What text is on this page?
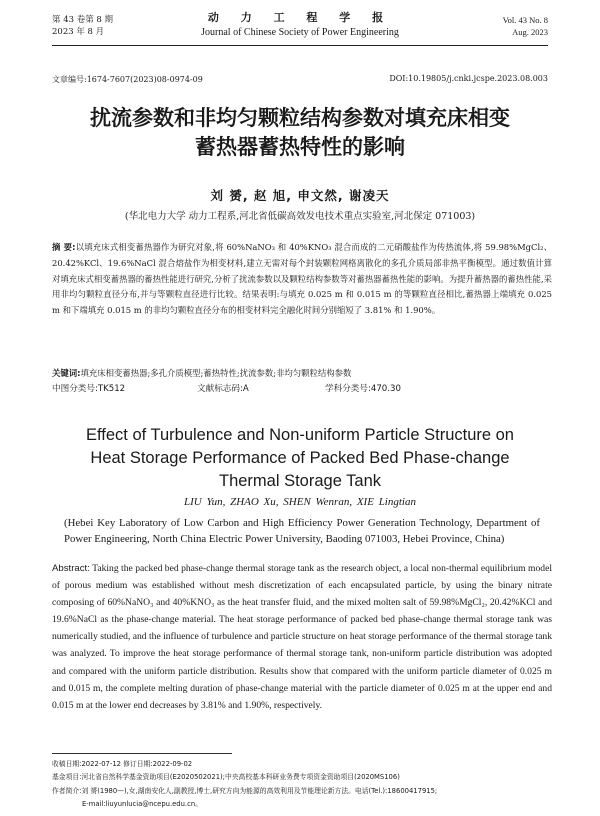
第 43 卷第 8 期
2023 年 8 月
动 力 工 程 学 报
Journal of Chinese Society of Power Engineering
Vol. 43 No. 8
Aug. 2023
文章编号:1674-7607(2023)08-0974-09	DOI:10.19805/j.cnki.jcspe.2023.08.003
扰流参数和非均匀颗粒结构参数对填充床相变
蓄热器蓄热特性的影响
刘 赟, 赵 旭, 申文然, 谢凌天
(华北电力大学 动力工程系,河北省低碳高效发电技术重点实验室,河北保定 071003)
摘 要:以填充床式相变蓄热器作为研究对象,将 60%NaNO₃ 和 40%KNO₃ 混合而成的二元硝酸盐作为传热流体,将 59.98%MgCl₂、20.42%KCl、19.6%NaCl 混合熔盐作为相变材料,建立无需对每个封装颗粒网格离散化的多孔介质局部非热平衡模型。通过数值计算对填充床式相变蓄热器的蓄热性能进行研究,分析了扰流参数以及颗粒结构参数等对蓄热器蓄热性能的影响。为提升蓄热器的蓄热性能,采用非均匀颗粒直径分布,并与等颗粒直径进行比较。结果表明:与填充 0.025 m 和 0.015 m 的等颗粒直径相比,蓄热器上端填充 0.025 m 和下端填充 0.015 m 的非均匀颗粒直径分布的相变材料完全融化时间分别缩短了 3.81% 和 1.90%。
关键词:填充床相变蓄热器;多孔介质模型;蓄热特性;扰流参数;非均匀颗粒结构参数
中图分类号:TK512	文献标志码:A	学科分类号:470.30
Effect of Turbulence and Non-uniform Particle Structure on
Heat Storage Performance of Packed Bed Phase-change
Thermal Storage Tank
LIU Yun, ZHAO Xu, SHEN Wenran, XIE Lingtian
(Hebei Key Laboratory of Low Carbon and High Efficiency Power Generation Technology, Department of Power Engineering, North China Electric Power University, Baoding 071003, Hebei Province, China)
Abstract: Taking the packed bed phase-change thermal storage tank as the research object, a local non-thermal equilibrium model of porous medium was established without mesh discretization of each encapsulated particle, by using the binary nitrate composing of 60%NaNO₃ and 40%KNO₃ as the heat transfer fluid, and the mixed molten salt of 59.98%MgCl₂, 20.42%KCl and 19.6%NaCl as the phase-change material. The heat storage performance of packed bed phase-change thermal storage tank was numerically studied, and the influence of turbulence and particle structure on heat storage performance of the thermal storage tank was analyzed. To improve the heat storage performance of thermal storage tank, non-uniform particle distribution was adopted and compared with the uniform particle distribution. Results show that compared with the uniform particle diameter of 0.025 m and 0.015 m, the complete melting duration of phase-change material with the particle diameter of 0.025 m at the upper end and 0.015 m at the lower end decreases by 3.81% and 1.90%, respectively.
收稿日期:2022-07-12 修订日期:2022-09-02
基金项目:河北省自然科学基金资助项目(E2020502021);中央高校基本科研业务费专项资金资助项目(2020MS106)
作者简介:刘 赟(1980—),女,湖南安化人,副教授,博士,研究方向为能源的高效利用及节能理论新方法。电话(Tel.):18600417915;
E-mail:liuyunlucia@ncepu.edu.cn。
